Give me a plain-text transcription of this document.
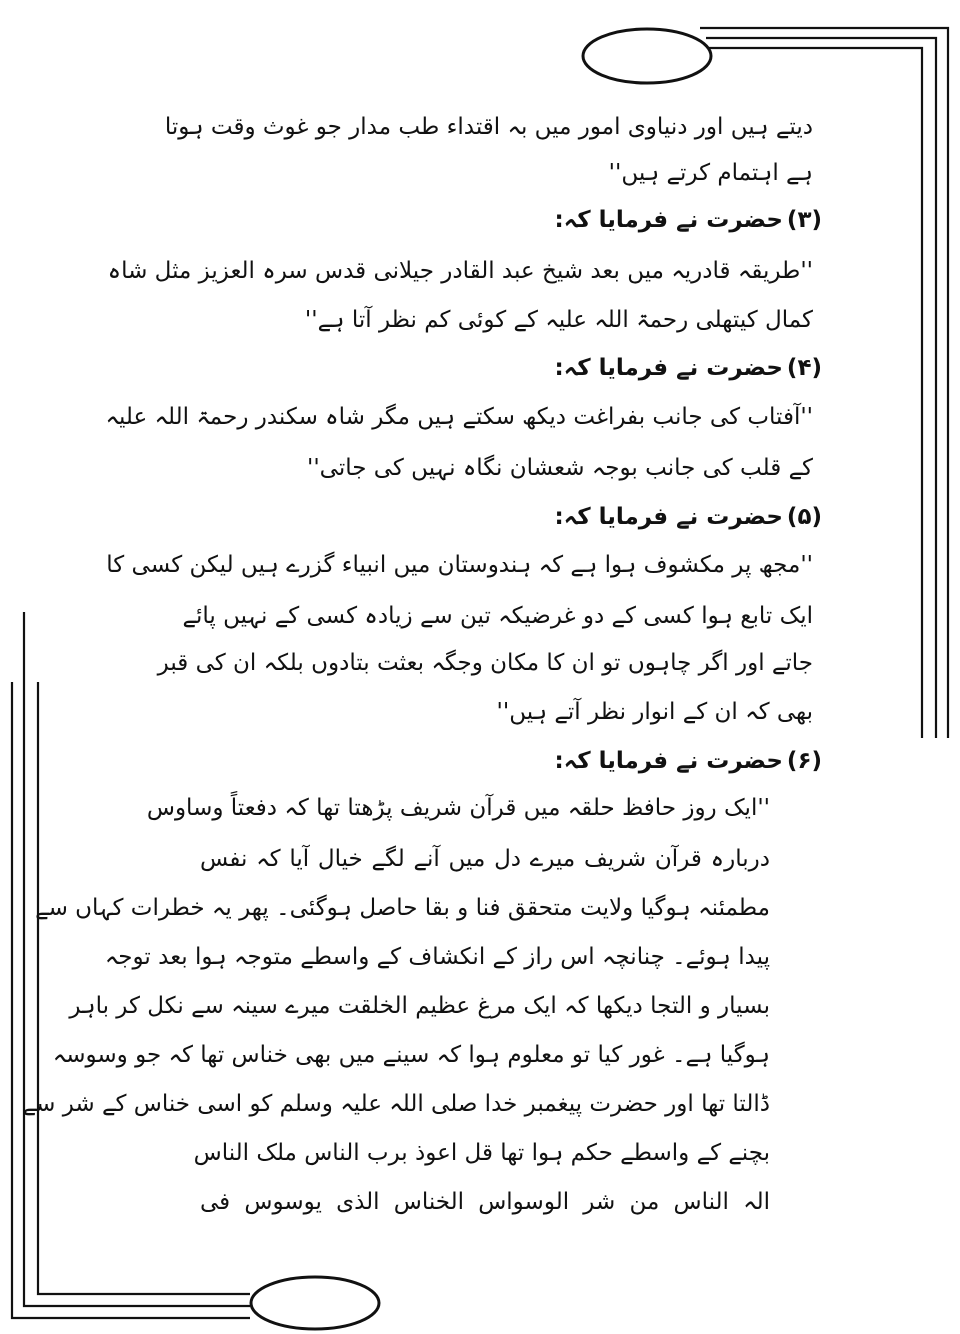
دیتے ہیں اور دنیاوی امور میں بہ اقتداء طب مدار جو غوث وقت ہوتا
ہے اہتمام کرتے ہیں''
(۳)حضرت نے فرمایا کہ:
''طریقہ قادریہ میں بعد شیخ عبد القادر جیلانی قدس سرہ العزیز مثل شاہ
کمال کیتھلی رحمۃ اللہ علیہ کے کوئی کم نظر آتا ہے''
(۴)حضرت نے فرمایا کہ:
''آفتاب کی جانب بفراغت دیکھ سکتے ہیں مگر شاہ سکندر رحمۃ اللہ علیہ
کے قلب کی جانب بوجہ شعشان نگاہ نہیں کی جاتی''
(۵)حضرت نے فرمایا کہ:
''مجھ پر مکشوف ہوا ہے کہ ہندوستان میں انبیاء گزرے ہیں لیکن کسی کا
ایک تابع ہوا کسی کے دو غرضیکہ تین سے زیادہ کسی کے نہیں پائے
جاتے اور اگر چاہوں تو ان کا مکان وجگہ بعثت بتادوں بلکہ ان کی قبر
بھی کہ ان کے انوار نظر آتے ہیں''
(۶)حضرت نے فرمایا کہ:
''ایک روز حافظ حلقہ میں قرآن شریف پڑھتا تھا کہ دفعتاً وساوس
دربارہ قرآن شریف میرے دل میں آنے لگے خیال آیا کہ نفس
مطمئنہ ہوگیا ولایت متحقق فنا و بقا حاصل ہوگئی۔ پھر یہ خطرات کہاں سے
پیدا ہوئے۔ چنانچہ اس راز کے انکشاف کے واسطے متوجہ ہوا بعد توجہ
بسیار و التجا دیکھا کہ ایک مرغ عظیم الخلقت میرے سینہ سے نکل کر باہر
ہوگیا ہے۔ غور کیا تو معلوم ہوا کہ سینے میں بھی خناس تھا کہ جو وسوسہ
ڈالتا تھا اور حضرت پیغمبر خدا صلی اللہ علیہ وسلم کو اسی خناس کے شر سے
بچنے کے واسطے حکم ہوا تھا قل اعوذ برب الناس ملک الناس
الہ الناس من شر الوسواس الخناس الذی یوسوس فی
